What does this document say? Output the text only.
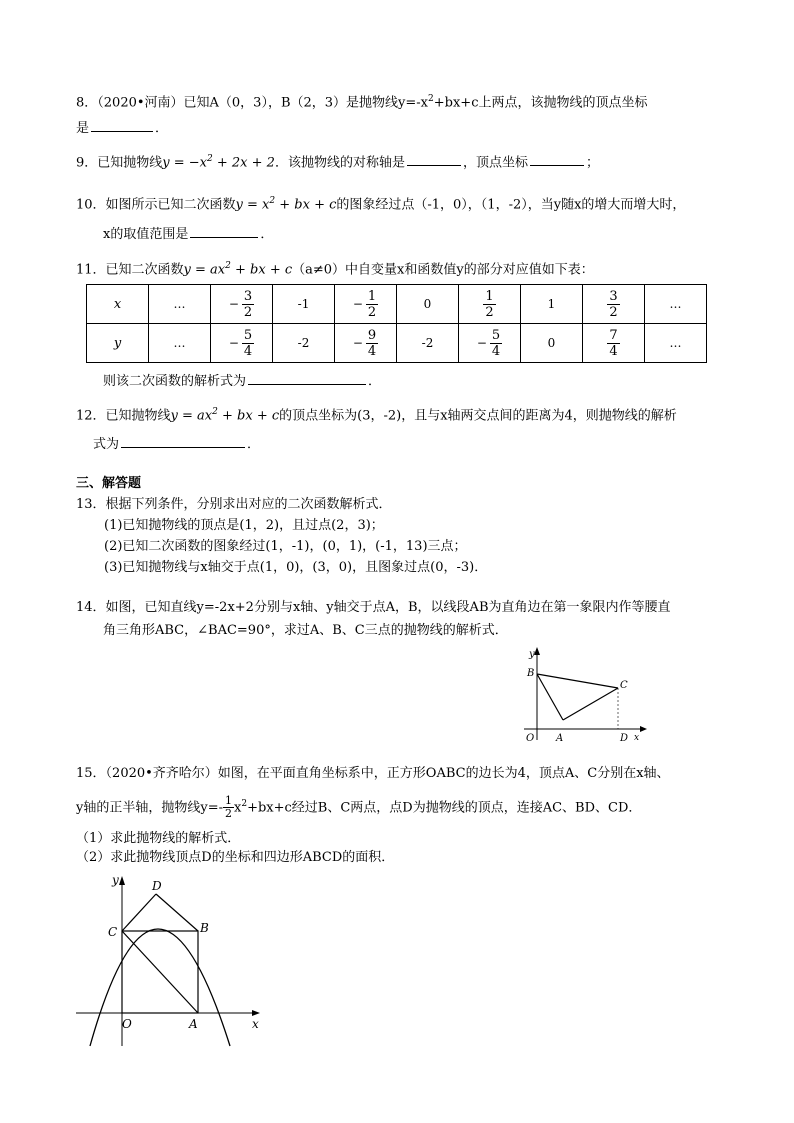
8．（2020•河南）已知A（0，3），B（2，3）是抛物线$y=-x^2+bx+c$上两点，该抛物线的顶点坐标
是	．
9．已知抛物线$y = -x^2 + 2x + 2$．该抛物线的对称轴是	，顶点坐标	；
10．如图所示已知二次函数$y = x^2$ + bx + c的图象经过点（-1，0），（1，-2），当y随x的增大而增大时，
x的取值范围是	．
11．已知二次函数$y = ax^2$ + bx + c（a≠0）中自变量x和函数值y的部分对应值如下表：
x	…	− $\frac{3}{2}$	-1	− $\frac{1}{2}$	0	$\frac{1}{2}$	1	$\frac{3}{2}$	…
y	…	− $\frac{5}{4}$	-2	− $\frac{9}{4}$	-2	− $\frac{5}{4}$	0	$\frac{7}{4}$	…
则该二次函数的解析式为	．
12．已知抛物线$y = ax^2$ + bx + c的顶点坐标为(3，-2)，且与x轴两交点间的距离为4，则抛物线的解析
式为	．
三、解答题
13．根据下列条件，分别求出对应的二次函数解析式．
(1)已知抛物线的顶点是(1，2)，且过点(2，3)；
(2)已知二次函数的图象经过(1，-1)，(0，1)，(-1，13)三点；
(3)已知抛物线与x轴交于点(1，0)，(3，0)，且图象过点(0，-3)．
14．如图，已知直线y=-2x+2分别与x轴、y轴交于点A，B，以线段AB为直角边在第一象限内作等腰直
角三角形ABC，∠BAC=90°，求过A、B、C三点的抛物线的解析式．
y
B
C
O A	D x
15．（2020•齐齐哈尔）如图，在平面直角坐标系中，正方形OABC的边长为4，顶点A、C分别在x轴、
y轴的正半轴，抛物线$y=- \frac{1}{2} x^2+bx+c$经过B、C两点，点D为抛物线的顶点，连接AC、BD、CD．
（1）求此抛物线的解析式．
（2）求此抛物线顶点D的坐标和四边形ABCD的面积．
y	D
C	B
O	A	x
